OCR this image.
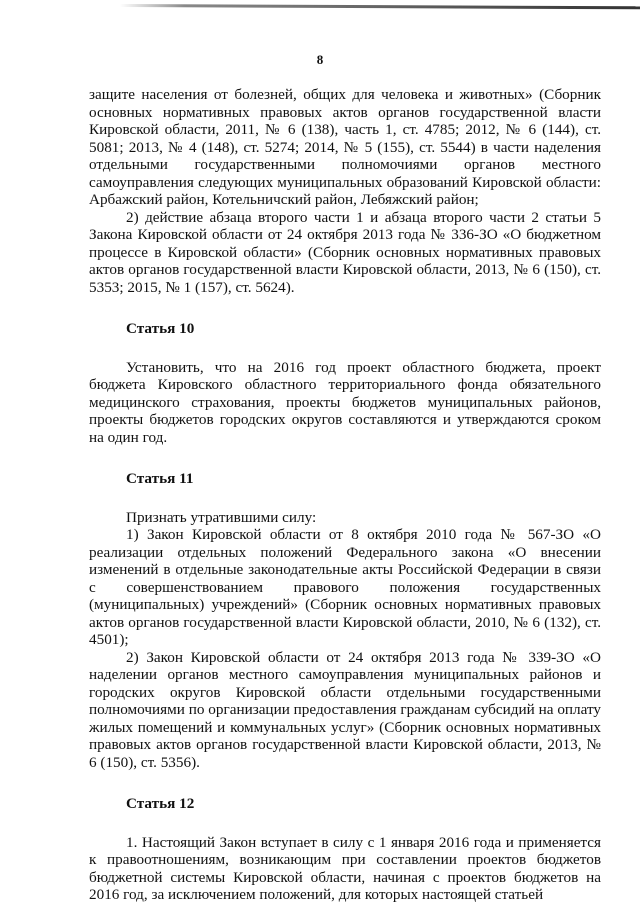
8

защите населения от болезней, общих для человека и животных» (Сборник основных нормативных правовых актов органов государственной власти Кировской области, 2011, № 6 (138), часть 1, ст. 4785; 2012, № 6 (144), ст. 5081; 2013, № 4 (148), ст. 5274; 2014, № 5 (155), ст. 5544) в части наделения отдельными государственными полномочиями органов местного самоуправления следующих муниципальных образований Кировской области: Арбажский район, Котельничский район, Лебяжский район;

2) действие абзаца второго части 1 и абзаца второго части 2 статьи 5 Закона Кировской области от 24 октября 2013 года № 336-ЗО «О бюджетном процессе в Кировской области» (Сборник основных нормативных правовых актов органов государственной власти Кировской области, 2013, № 6 (150), ст. 5353; 2015, № 1 (157), ст. 5624).

Статья 10

Установить, что на 2016 год проект областного бюджета, проект бюджета Кировского областного территориального фонда обязательного медицинского страхования, проекты бюджетов муниципальных районов, проекты бюджетов городских округов составляются и утверждаются сроком на один год.

Статья 11

Признать утратившими силу:

1) Закон Кировской области от 8 октября 2010 года № 567-ЗО «О реализации отдельных положений Федерального закона «О внесении изменений в отдельные законодательные акты Российской Федерации в связи с совершенствованием правового положения государственных (муниципальных) учреждений» (Сборник основных нормативных правовых актов органов государственной власти Кировской области, 2010, № 6 (132), ст. 4501);

2) Закон Кировской области от 24 октября 2013 года № 339-ЗО «О наделении органов местного самоуправления муниципальных районов и городских округов Кировской области отдельными государственными полномочиями по организации предоставления гражданам субсидий на оплату жилых помещений и коммунальных услуг» (Сборник основных нормативных правовых актов органов государственной власти Кировской области, 2013, № 6 (150), ст. 5356).

Статья 12

1. Настоящий Закон вступает в силу с 1 января 2016 года и применяется к правоотношениям, возникающим при составлении проектов бюджетов бюджетной системы Кировской области, начиная с проектов бюджетов на 2016 год, за исключением положений, для которых настоящей статьей
